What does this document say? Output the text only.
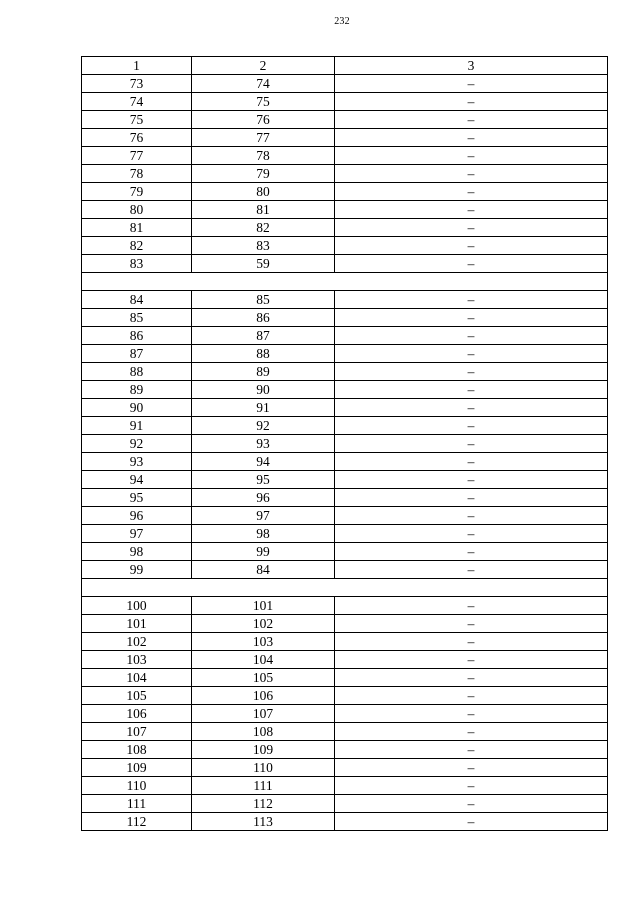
232
1	2	3
73	74	–
74	75	–
75	76	–
76	77	–
77	78	–
78	79	–
79	80	–
80	81	–
81	82	–
82	83	–
83	59	–

84	85	–
85	86	–
86	87	–
87	88	–
88	89	–
89	90	–
90	91	–
91	92	–
92	93	–
93	94	–
94	95	–
95	96	–
96	97	–
97	98	–
98	99	–
99	84	–

100	101	–
101	102	–
102	103	–
103	104	–
104	105	–
105	106	–
106	107	–
107	108	–
108	109	–
109	110	–
110	111	–
111	112	–
112	113	–
